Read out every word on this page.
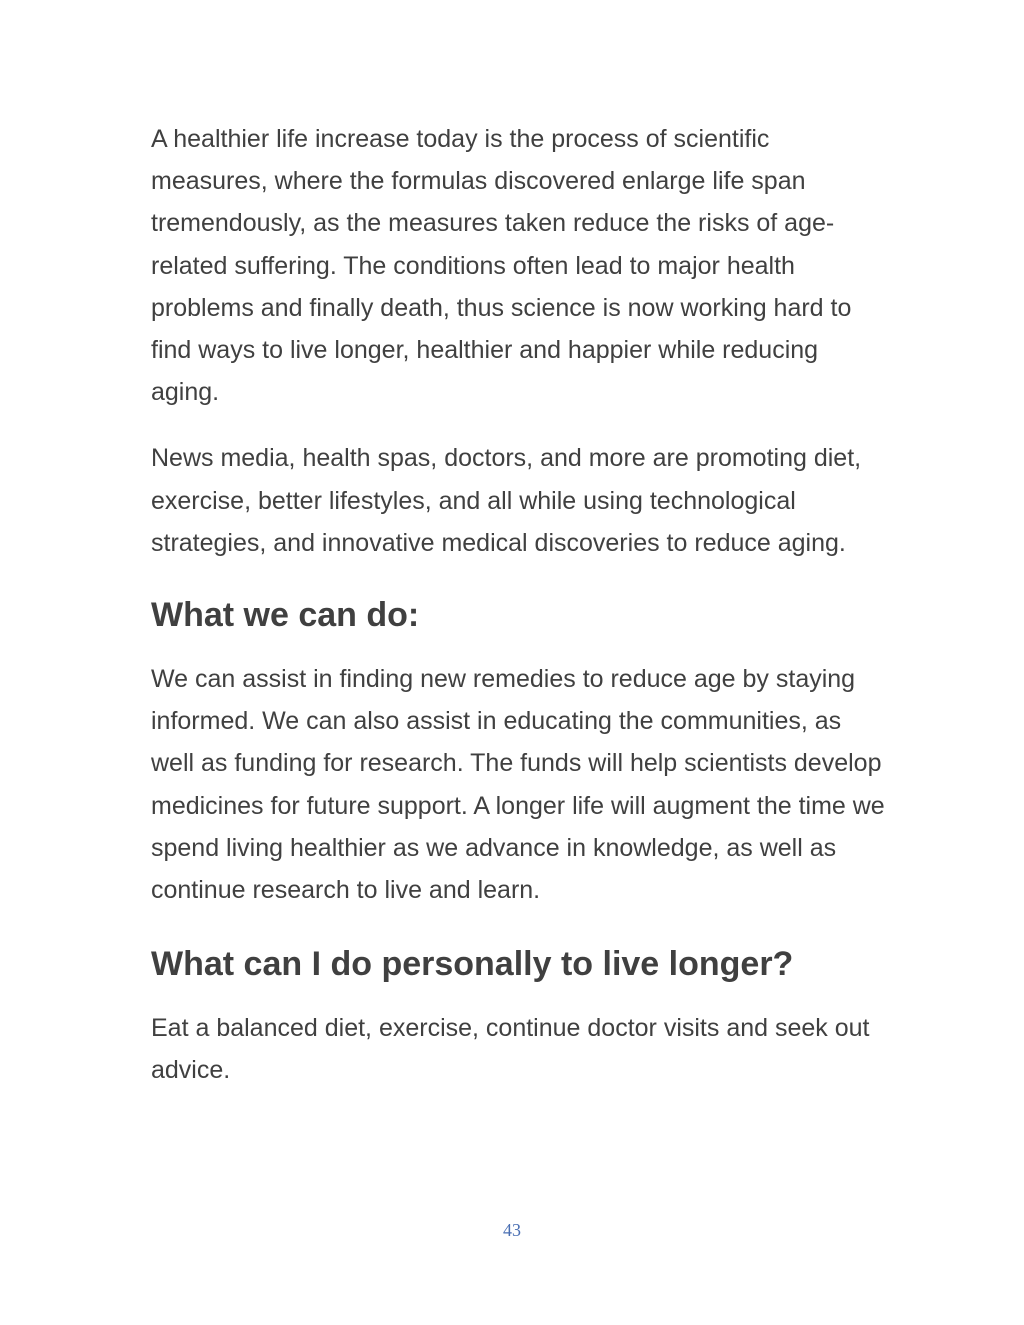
A healthier life increase today is the process of scientific measures, where the formulas discovered enlarge life span tremendously, as the measures taken reduce the risks of age-related suffering. The conditions often lead to major health problems and finally death, thus science is now working hard to find ways to live longer, healthier and happier while reducing aging.

News media, health spas, doctors, and more are promoting diet, exercise, better lifestyles, and all while using technological strategies, and innovative medical discoveries to reduce aging.

What we can do:

We can assist in finding new remedies to reduce age by staying informed. We can also assist in educating the communities, as well as funding for research. The funds will help scientists develop medicines for future support. A longer life will augment the time we spend living healthier as we advance in knowledge, as well as continue research to live and learn.

What can I do personally to live longer?

Eat a balanced diet, exercise, continue doctor visits and seek out advice.

43
